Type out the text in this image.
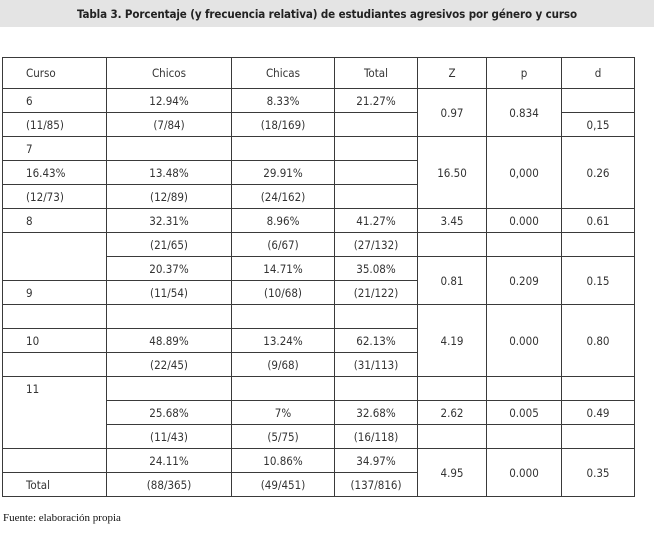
Tabla 3. Porcentaje (y frecuencia relativa) de estudiantes agresivos por género y curso
Curso	Chicos	Chicas	Total	Z	p	d
6	12.94%	8.33%	21.27%	0.97	0.834	
(11/85)	(7/84)	(18/169)				0,15
7				16.50	0,000	0.26
16.43%	13.48%	29.91%				
(12/73)	(12/89)	(24/162)				
8	32.31%	8.96%	41.27%	3.45	0.000	0.61
	(21/65)	(6/67)	(27/132)			
	20.37%	14.71%	35.08%	0.81	0.209	0.15
9	(11/54)	(10/68)	(21/122)			
				4.19	0.000	0.80
10	48.89%	13.24%	62.13%			
	(22/45)	(9/68)	(31/113)			
11						
	25.68%	7%	32.68%	2.62	0.005	0.49
	(11/43)	(5/75)	(16/118)			
	24.11%	10.86%	34.97%	4.95	0.000	0.35
Total	(88/365)	(49/451)	(137/816)			
Fuente: elaboración propia
